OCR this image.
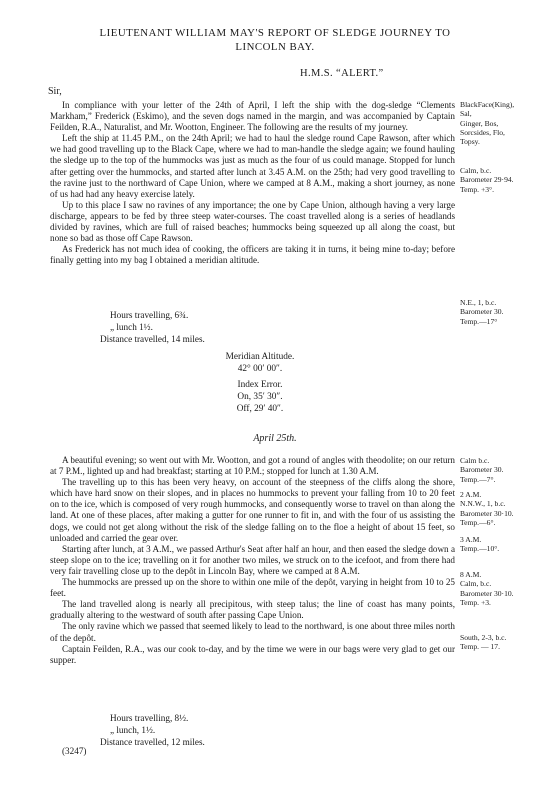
LIEUTENANT WILLIAM MAY'S REPORT OF SLEDGE JOURNEY TO
LINCOLN BAY.
H.M.S. “ALERT.”
Sir,

In compliance with your letter of the 24th of April, I left the ship with the dog-sledge “Clements Markham,” Frederick (Eskimo), and the seven dogs named in the margin, and was accompanied by Captain Feilden, R.A., Naturalist, and Mr. Wootton, Engineer. The following are the results of my journey.

Left the ship at 11.45 P.M., on the 24th April; we had to haul the sledge round Cape Rawson, after which we had good travelling up to the Black Cape, where we had to man-handle the sledge again; we found hauling the sledge up to the top of the hummocks was just as much as the four of us could manage. Stopped for lunch after getting over the hummocks, and started after lunch at 3.45 A.M. on the 25th; had very good travelling to the ravine just to the northward of Cape Union, where we camped at 8 A.M., making a short journey, as none of us had had any heavy exercise lately.

Up to this place I saw no ravines of any importance; the one by Cape Union, although having a very large discharge, appears to be fed by three steep water-courses. The coast travelled along is a series of headlands divided by ravines, which are full of raised beaches; hummocks being squeezed up all along the coast, but none so bad as those off Cape Rawson.

As Frederick has not much idea of cooking, the officers are taking it in turns, it being mine to-day; before finally getting into my bag I obtained a meridian altitude.

Hours travelling, 6¾.
„ lunch 1½.
Distance travelled, 14 miles.
Meridian Altitude.
42° 00′ 00″.
Index Error.
On, 35′ 30″.
Off, 29′ 40″.
April 25th.

A beautiful evening; so went out with Mr. Wootton, and got a round of angles with theodolite; on our return at 7 P.M., lighted up and had breakfast; starting at 10 P.M.; stopped for lunch at 1.30 A.M.

The travelling up to this has been very heavy, on account of the steepness of the cliffs along the shore, which have hard snow on their slopes, and in places no hummocks to prevent your falling from 10 to 20 feet on to the ice, which is composed of very rough hummocks, and consequently worse to travel on than along the land. At one of these places, after making a gutter for one runner to fit in, and with the four of us assisting the dogs, we could not get along without the risk of the sledge falling on to the floe a height of about 15 feet, so unloaded and carried the gear over.

Starting after lunch, at 3 A.M., we passed Arthur's Seat after half an hour, and then eased the sledge down a steep slope on to the ice; travelling on it for another two miles, we struck on to the icefoot, and from there had very fair travelling close up to the depôt in Lincoln Bay, where we camped at 8 A.M.

The hummocks are pressed up on the shore to within one mile of the depôt, varying in height from 10 to 25 feet.

The land travelled along is nearly all precipitous, with steep talus; the line of coast has many points, gradually altering to the westward of south after passing Cape Union.

The only ravine which we passed that seemed likely to lead to the northward, is one about three miles north of the depôt.

Captain Feilden, R.A., was our cook to-day, and by the time we were in our bags were very glad to get our supper.

Hours travelling, 8½.
„ lunch, 1½.
Distance travelled, 12 miles.
BlackFace(King),
Sal,
Ginger, Bos,
Sorcsides, Flo,
Topsy.
Calm, b.c.
Barometer 29·94.
Temp. +3°.
N.E., 1, b.c.
Barometer 30.
Temp.—17°
Calm b.c.
Barometer 30.
Temp.—7°.
2 A.M.
N.N.W., 1, b.c.
Barometer 30·10.
Temp.—6°.
3 A.M.
Temp.—10°.
8 A.M.
Calm, b.c.
Barometer 30·10.
Temp. +3.
South, 2-3, b.c.
Temp. — 17.
(3247)
